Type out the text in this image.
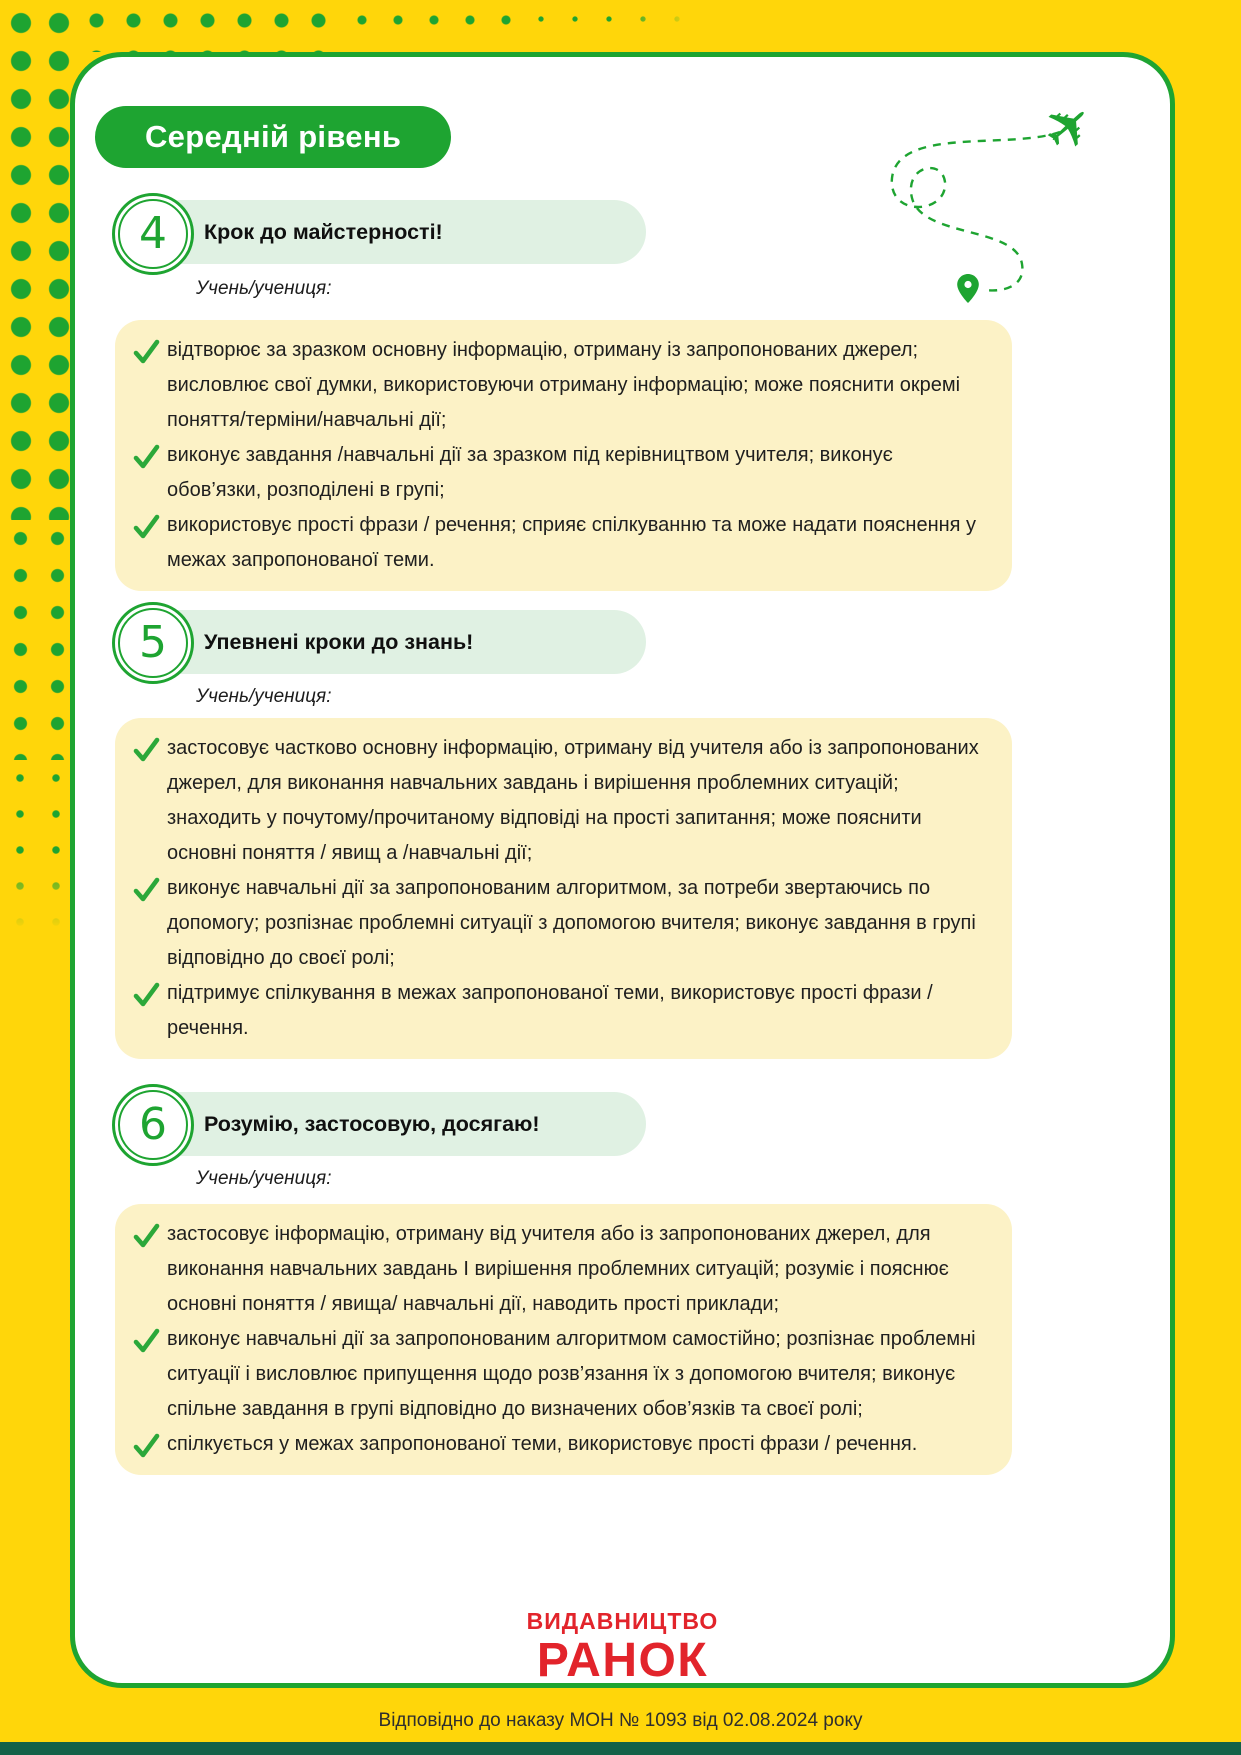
Середній рівень	✈
Крок до майстерності!
4
Учень/учениця:

відтворює за зразком основну інформацію, отриману із запропонованих джерел; висловлює свої думки, використовуючи отриману інформацію; може пояснити окремі поняття/терміни/навчальні дії;

виконує завдання /навчальні дії за зразком під керівництвом учителя; виконує обов’язки, розподілені в групі;

використовує прості фрази / речення; сприяє спілкуванню та може надати пояснення у межах запропонованої теми.

Упевнені кроки до знань!
5
Учень/учениця:

застосовує частково основну інформацію, отриману від учителя або із запропонованих джерел, для виконання навчальних завдань і вирішення проблемних ситуацій; знаходить у почутому/прочитаному відповіді на прості запитання; може пояснити основні поняття / явищ а /навчальні дії;

виконує навчальні дії за запропонованим алгоритмом, за потреби звертаючись по допомогу; розпізнає проблемні ситуації з допомогою вчителя; виконує завдання в групі відповідно до своєї ролі;

підтримує спілкування в межах запропонованої теми, використовує прості фрази / речення.

Розумію, застосовую, досягаю!
6
Учень/учениця:

застосовує інформацію, отриману від учителя або із запропонованих джерел, для виконання навчальних завдань І вирішення проблемних ситуацій; розуміє і пояснює основні поняття / явища/ навчальні дії, наводить прості приклади;

виконує навчальні дії за запропонованим алгоритмом самостійно; розпізнає проблемні ситуації і висловлює припущення щодо розв’язання їх з допомогою вчителя; виконує спільне завдання в групі відповідно до визначених обов’язків та своєї ролі;

спілкується у межах запропонованої теми, використовує прості фрази / речення.

ВИДАВНИЦТВО
РАНОК
Відповідно до наказу МОН № 1093 від 02.08.2024 року
